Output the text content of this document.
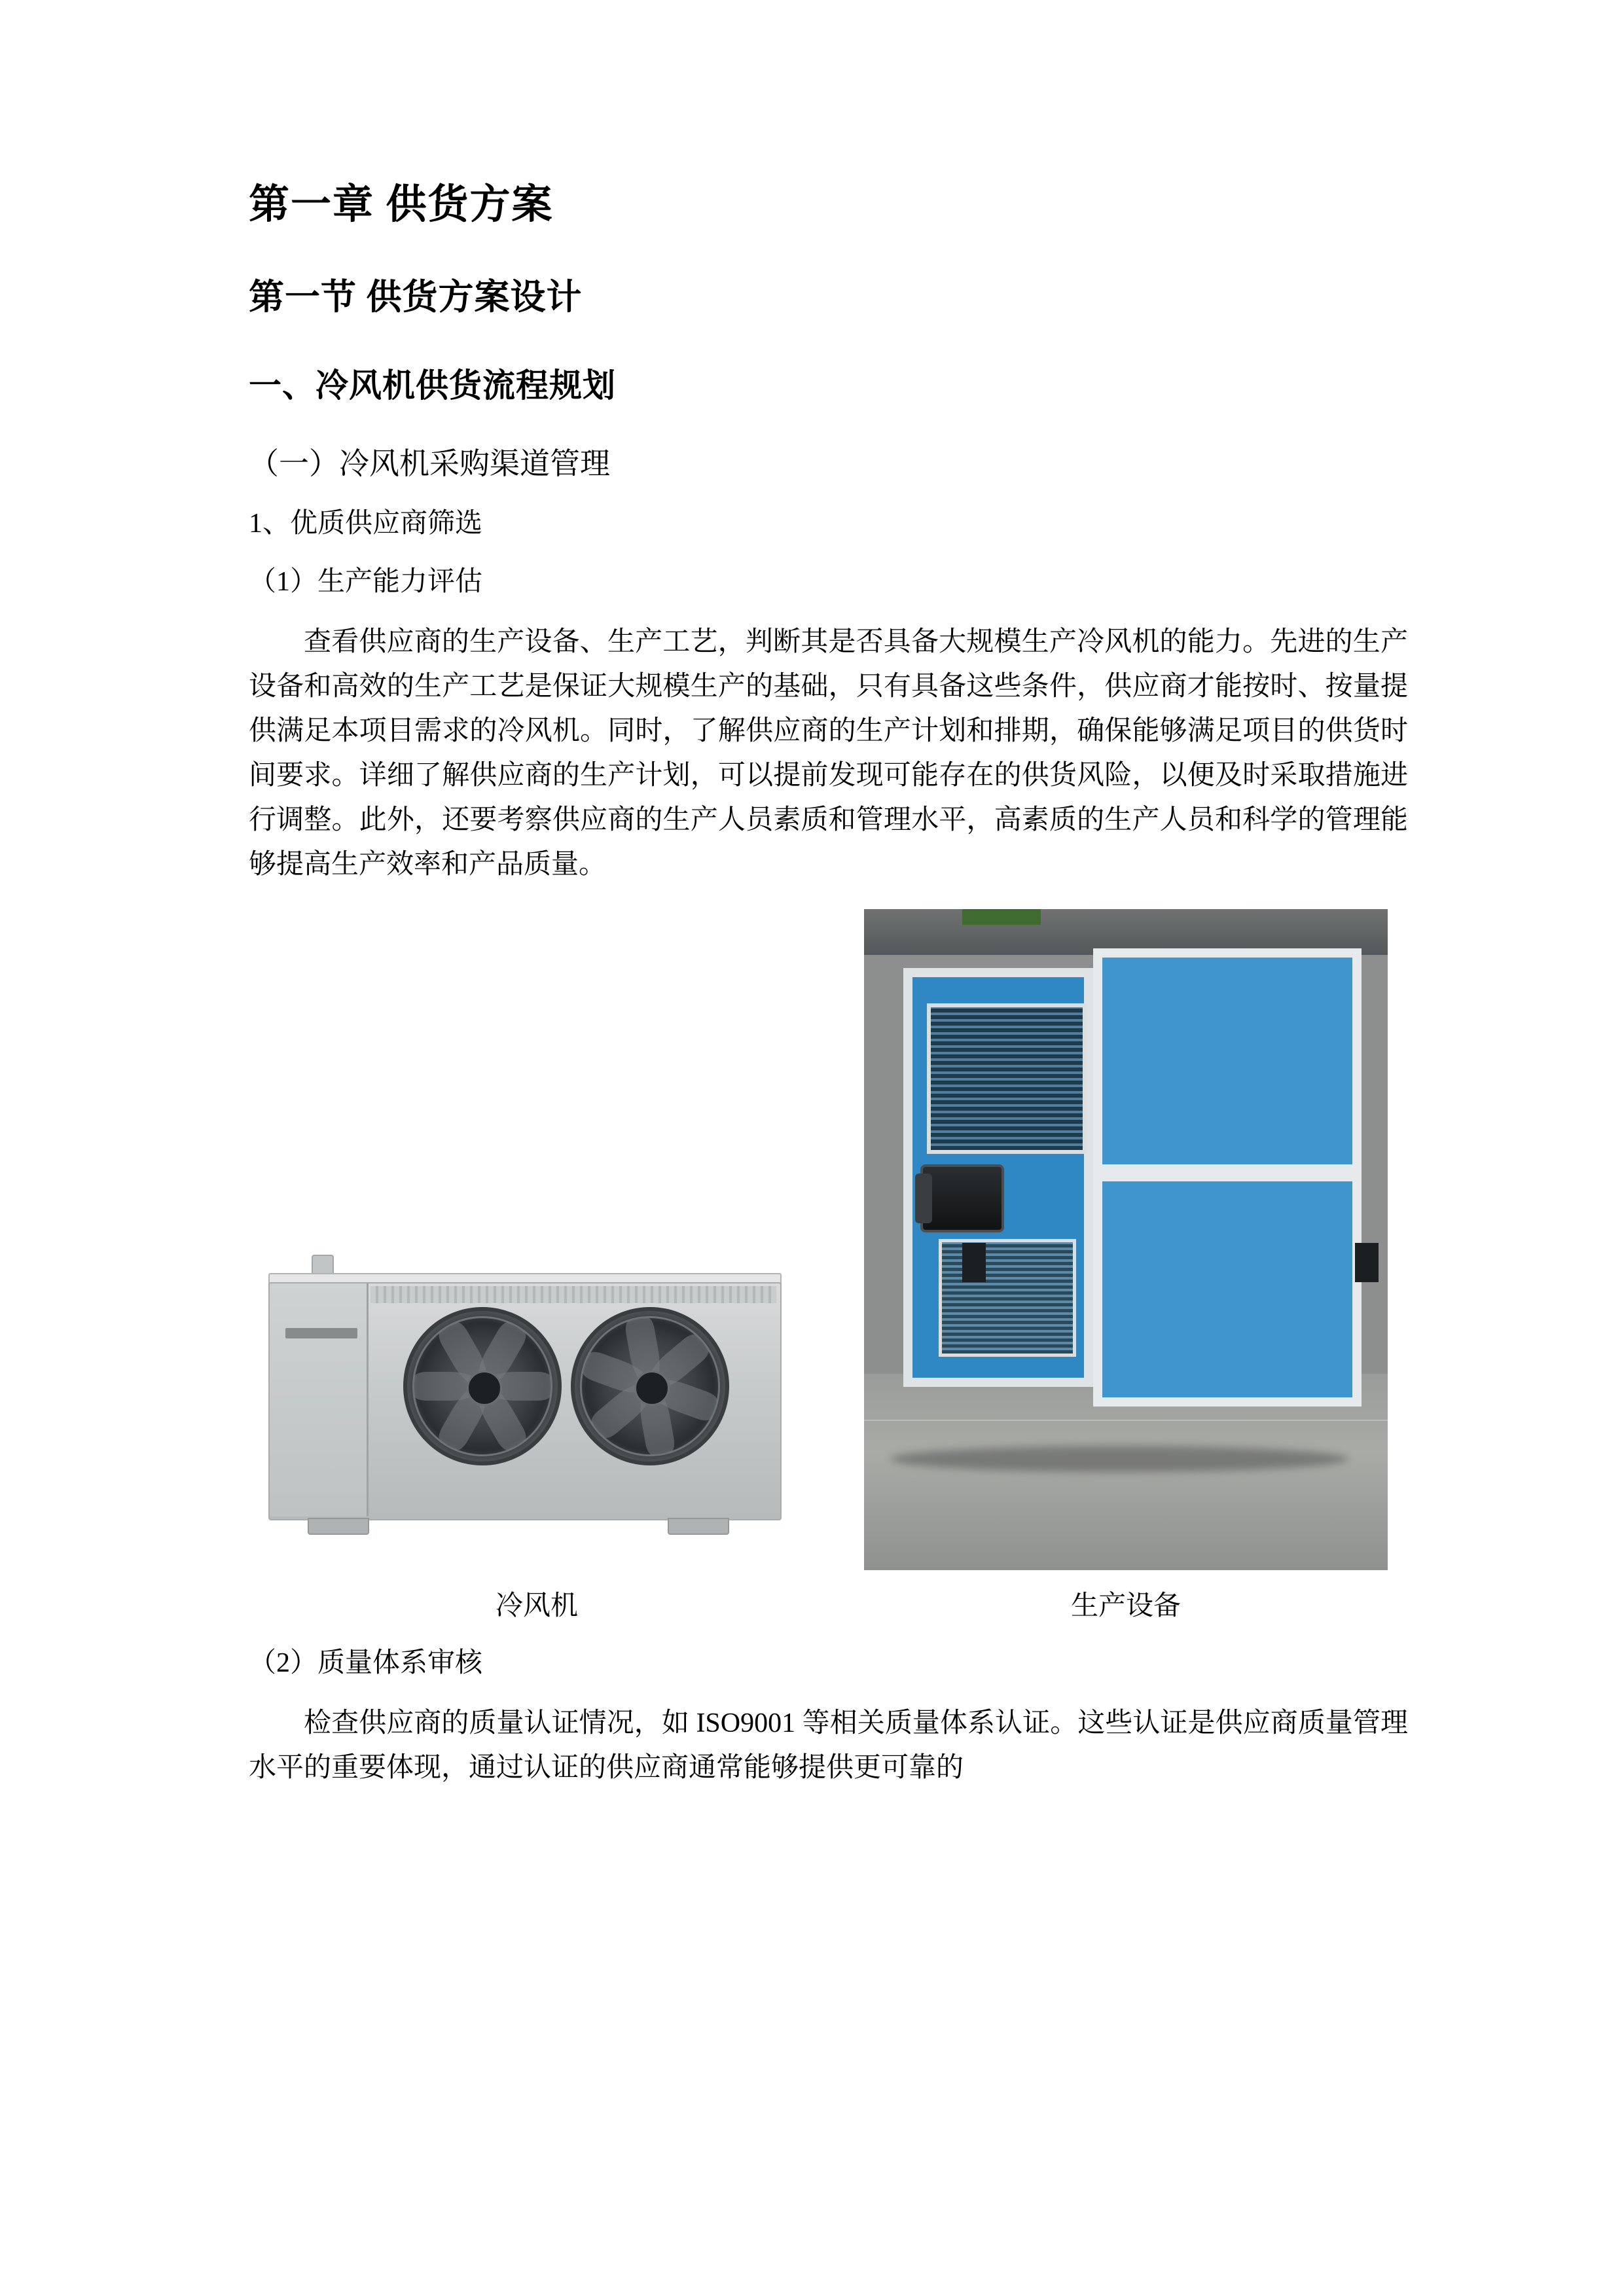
第一章 供货方案
第一节 供货方案设计
一、冷风机供货流程规划
（一）冷风机采购渠道管理

1、优质供应商筛选

（1）生产能力评估

查看供应商的生产设备、生产工艺，判断其是否具备大规模生产冷风机的能力。先进的生产设备和高效的生产工艺是保证大规模生产的基础，只有具备这些条件，供应商才能按时、按量提供满足本项目需求的冷风机。同时，了解供应商的生产计划和排期，确保能够满足项目的供货时间要求。详细了解供应商的生产计划，可以提前发现可能存在的供货风险，以便及时采取措施进行调整。此外，还要考察供应商的生产人员素质和管理水平，高素质的生产人员和科学的管理能够提高生产效率和产品质量。

冷风机	生产设备

（2）质量体系审核

检查供应商的质量认证情况，如 ISO9001 等相关质量体系认证。这些认证是供应商质量管理水平的重要体现，通过认证的供应商通常能够提供更可靠的
